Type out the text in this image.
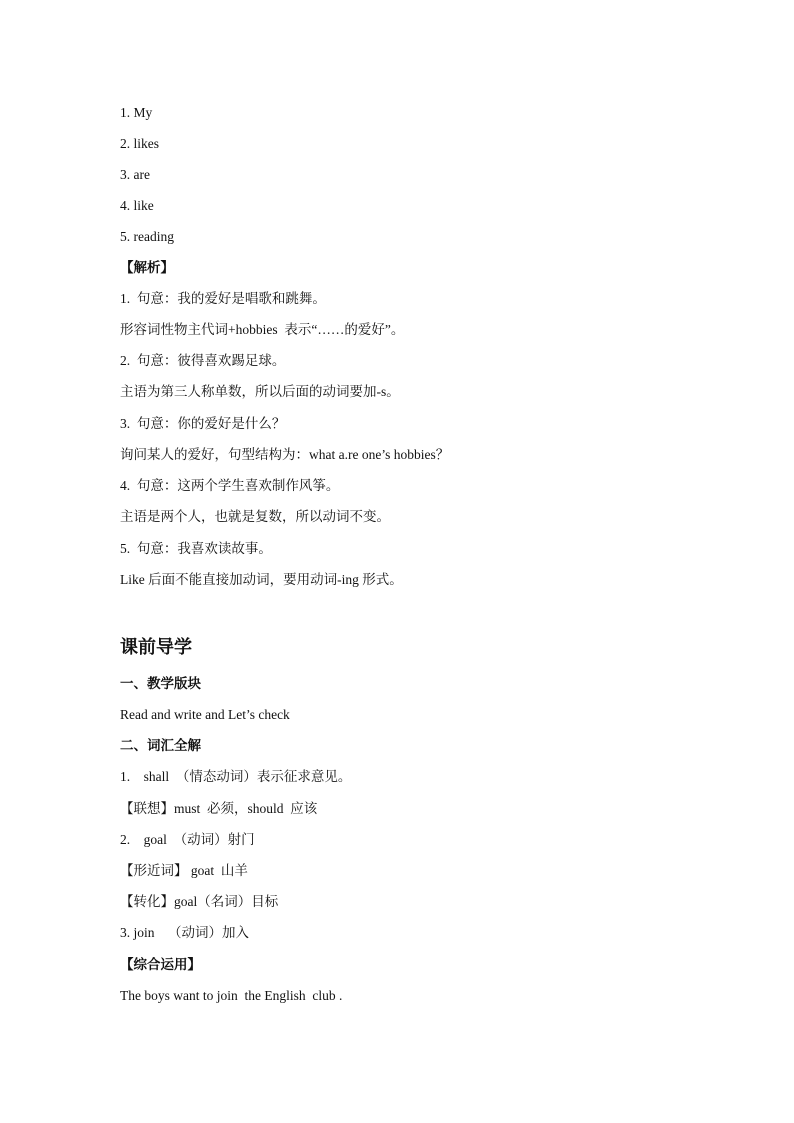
1. My

2. likes

3. are

4. like

5. reading

【解析】

1.  句意：我的爱好是唱歌和跳舞。

形容词性物主代词+hobbies  表示“……的爱好”。

2.  句意：彼得喜欢踢足球。

主语为第三人称单数，所以后面的动词要加-s。

3.  句意：你的爱好是什么？

询问某人的爱好，句型结构为：what a.re one’s hobbies？

4.  句意：这两个学生喜欢制作风筝。

主语是两个人，也就是复数，所以动词不变。

5.  句意：我喜欢读故事。

Like 后面不能直接加动词，要用动词-ing 形式。

课前导学

一、教学版块

Read and write and Let’s check

二、词汇全解

1.    shall  （情态动词）表示征求意见。

【联想】must  必须，should  应该

2.    goal  （动词）射门

【形近词】 goat  山羊

【转化】goal（名词）目标

3. join    （动词）加入

【综合运用】

The boys want to join  the English  club .
